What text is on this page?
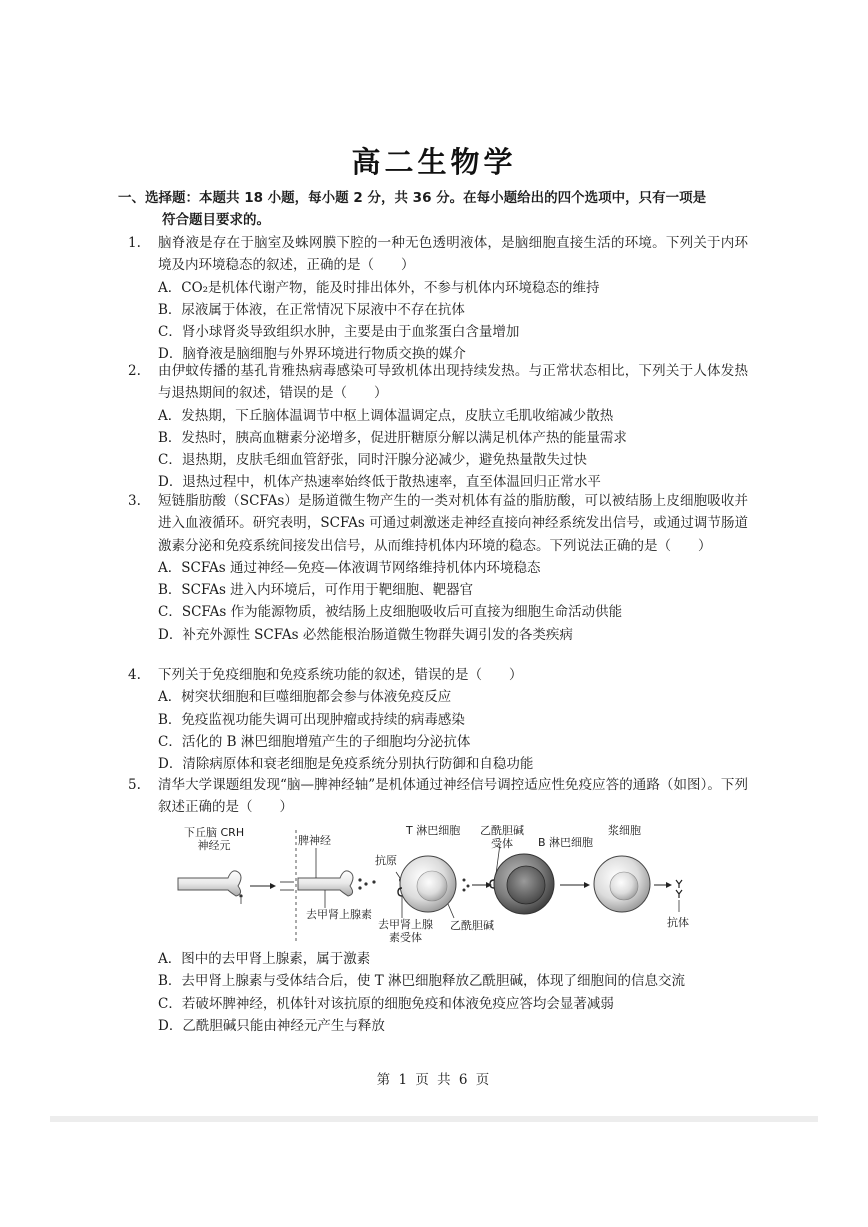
高二生物学
一、选择题：本题共 18 小题，每小题 2 分，共 36 分。在每小题给出的四个选项中，只有一项是
符合题目要求的。
1. 脑脊液是存在于脑室及蛛网膜下腔的一种无色透明液体，是脑细胞直接生活的环境。下列关于内环境及内环境稳态的叙述，正确的是（　　）
A．CO₂是机体代谢产物，能及时排出体外，不参与机体内环境稳态的维持
B．尿液属于体液，在正常情况下尿液中不存在抗体
C．肾小球肾炎导致组织水肿，主要是由于血浆蛋白含量增加
D．脑脊液是脑细胞与外界环境进行物质交换的媒介
2. 由伊蚊传播的基孔肯雅热病毒感染可导致机体出现持续发热。与正常状态相比，下列关于人体发热与退热期间的叙述，错误的是（　　）
A．发热期，下丘脑体温调节中枢上调体温调定点，皮肤立毛肌收缩减少散热
B．发热时，胰高血糖素分泌增多，促进肝糖原分解以满足机体产热的能量需求
C．退热期，皮肤毛细血管舒张，同时汗腺分泌减少，避免热量散失过快
D．退热过程中，机体产热速率始终低于散热速率，直至体温回归正常水平
3. 短链脂肪酸（SCFAs）是肠道微生物产生的一类对机体有益的脂肪酸，可以被结肠上皮细胞吸收并进入血液循环。研究表明，SCFAs 可通过刺激迷走神经直接向神经系统发出信号，或通过调节肠道激素分泌和免疫系统间接发出信号，从而维持机体内环境的稳态。下列说法正确的是（　　）
A．SCFAs 通过神经—免疫—体液调节网络维持机体内环境稳态
B．SCFAs 进入内环境后，可作用于靶细胞、靶器官
C．SCFAs 作为能源物质，被结肠上皮细胞吸收后可直接为细胞生命活动供能
D．补充外源性 SCFAs 必然能根治肠道微生物群失调引发的各类疾病
4. 下列关于免疫细胞和免疫系统功能的叙述，错误的是（　　）
A．树突状细胞和巨噬细胞都会参与体液免疫反应
B．免疫监视功能失调可出现肿瘤或持续的病毒感染
C．活化的 B 淋巴细胞增殖产生的子细胞均分泌抗体
D．清除病原体和衰老细胞是免疫系统分别执行防御和自稳功能
5. 清华大学课题组发现“脑—脾神经轴”是机体通过神经信号调控适应性免疫应答的通路（如图）。下列叙述正确的是（　　）
下丘脑 CRH
神经元	脾神经
T 淋巴细胞 乙酰胆碱
受体	B 淋巴细胞
浆细胞
抗原
去甲肾上腺素
去甲肾上腺
素受体
乙酰胆碱	抗体
A．图中的去甲肾上腺素，属于激素
B．去甲肾上腺素与受体结合后，使 T 淋巴细胞释放乙酰胆碱，体现了细胞间的信息交流
C．若破坏脾神经，机体针对该抗原的细胞免疫和体液免疫应答均会显著减弱
D．乙酰胆碱只能由神经元产生与释放
第 1 页 共 6 页
